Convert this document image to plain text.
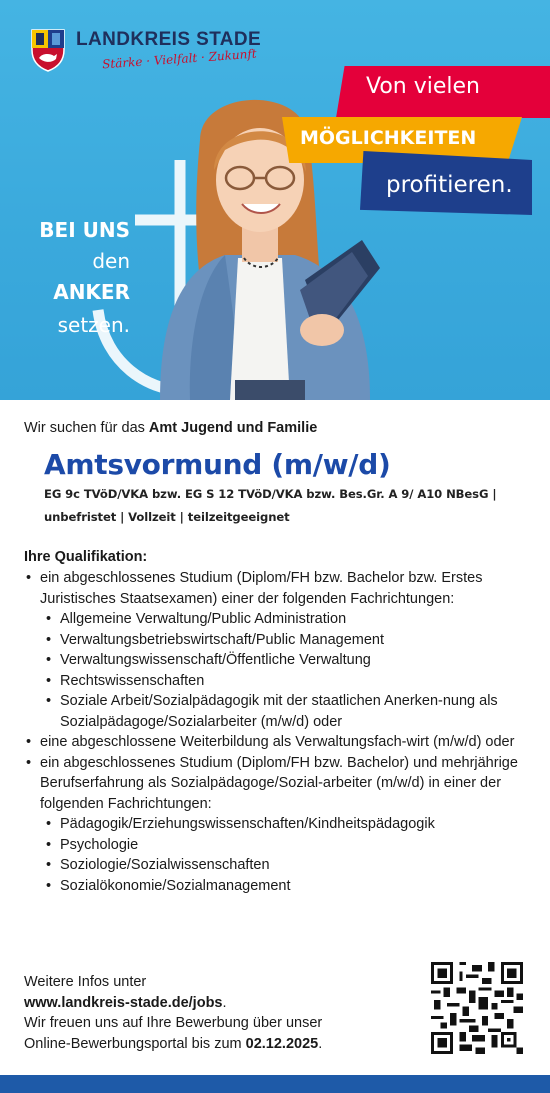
LANDKREIS STADE
Stärke · Vielfalt · Zukunft
BEI UNS
den
ANKER
setzen.
Von vielen
MÖGLICHKEITEN
profitieren.

Wir suchen für das Amt Jugend und Familie

Amtsvormund (m/w/d)
EG 9c TVöD/VKA bzw. EG S 12 TVöD/VKA bzw. Bes.Gr. A 9/ A10 NBesG |
unbefristet | Vollzeit | teilzeitgeeignet
Ihre Qualifikation:
• ein abgeschlossenes Studium (Diplom/FH bzw. Bachelor bzw. Erstes Juristisches Staatsexamen) einer der folgenden Fachrichtungen:
• Allgemeine Verwaltung/Public Administration
• Verwaltungsbetriebswirtschaft/Public Management
• Verwaltungswissenschaft/Öffentliche Verwaltung
• Rechtswissenschaften
• Soziale Arbeit/Sozialpädagogik mit der staatlichen Anerken-nung als Sozialpädagoge/Sozialarbeiter (m/w/d) oder
• eine abgeschlossene Weiterbildung als Verwaltungsfach-wirt (m/w/d) oder
• ein abgeschlossenes Studium (Diplom/FH bzw. Bachelor) und mehrjährige Berufserfahrung als Sozialpädagoge/Sozial-arbeiter (m/w/d) in einer der folgenden Fachrichtungen:
• Pädagogik/Erziehungswissenschaften/Kindheitspädagogik
• Psychologie
• Soziologie/Sozialwissenschaften
• Sozialökonomie/Sozialmanagement
Weitere Infos unter
www.landkreis-stade.de/jobs.
Wir freuen uns auf Ihre Bewerbung über unser
Online-Bewerbungsportal bis zum 02.12.2025.
